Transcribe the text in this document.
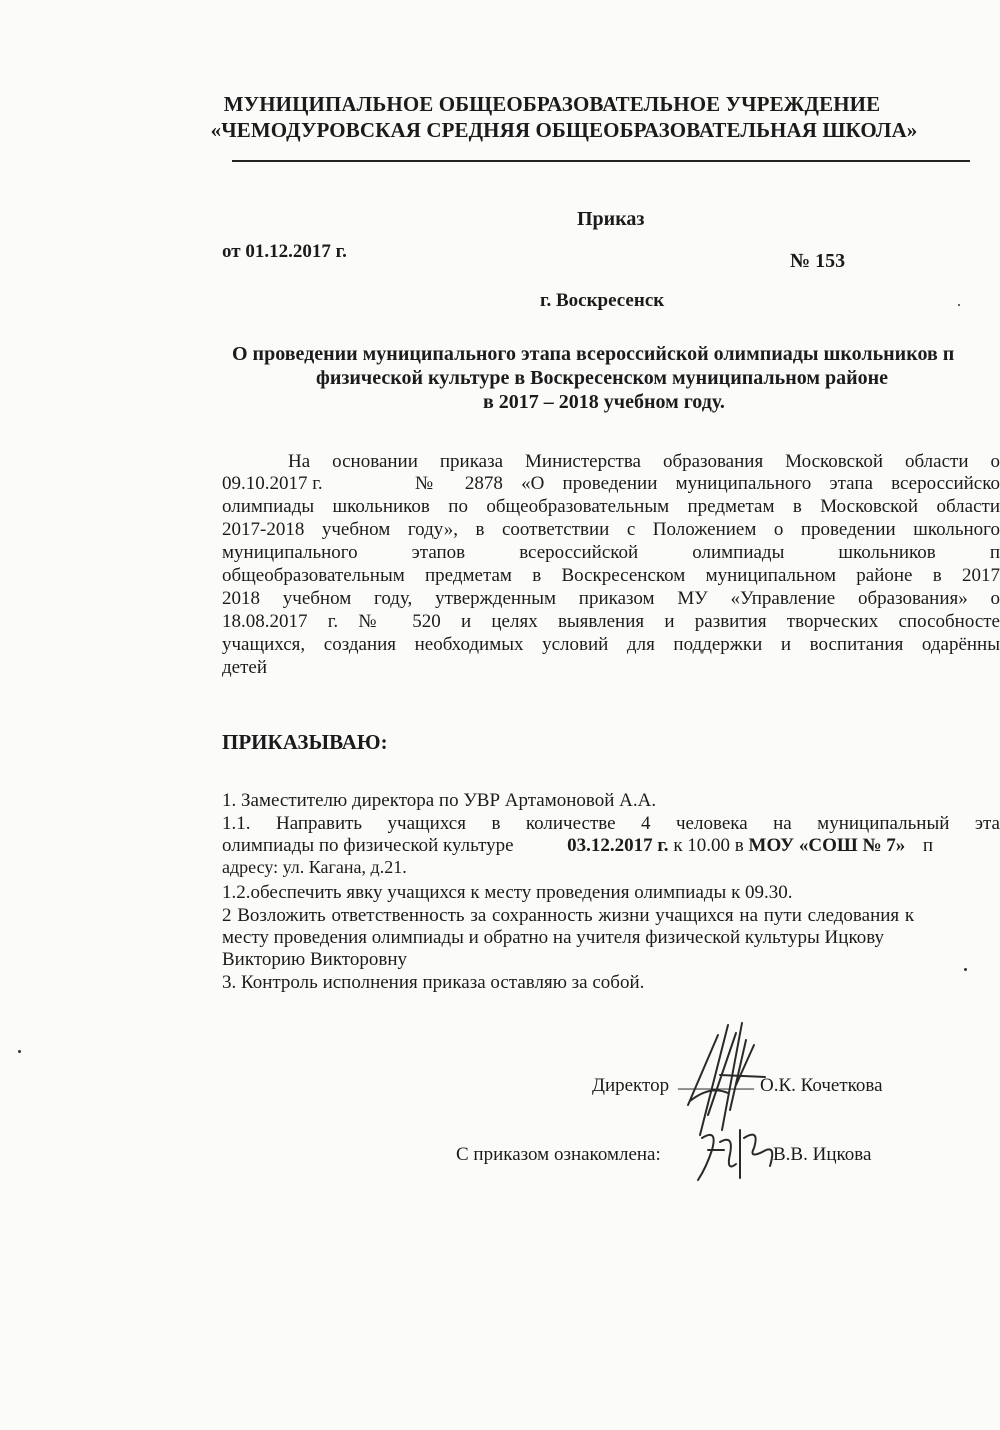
МУНИЦИПАЛЬНОЕ ОБЩЕОБРАЗОВАТЕЛЬНОЕ УЧРЕЖДЕНИЕ
«ЧЕМОДУРОВСКАЯ СРЕДНЯЯ ОБЩЕОБРАЗОВАТЕЛЬНАЯ ШКОЛА»
Приказ
от 01.12.2017 г.	№ 153
г. Воскресенск
О проведении муниципального этапа всероссийской олимпиады школьников п
физической культуре в Воскресенском муниципальном районе
в 2017 – 2018 учебном году.
На основании приказа Министерства образования Московской области о
09.10.2017 г.	№ 2878 «О проведении муниципального этапа всероссийско
олимпиады школьников по общеобразовательным предметам в Московской области
2017-2018 учебном году», в соответствии с Положением о проведении школьного
муниципального этапов всероссийской олимпиады школьников п
общеобразовательным предметам в Воскресенском муниципальном районе в 2017
2018 учебном году, утвержденным приказом МУ «Управление образования» о
18.08.2017 г. № 520 и целях выявления и развития творческих способносте
учащихся, создания необходимых условий для поддержки и воспитания одарённы
детей
ПРИКАЗЫВАЮ:
1. Заместителю директора по УВР Артамоновой А.А.
1.1. Направить учащихся в количестве 4 человека на муниципальный эта
олимпиады по физической культуре	03.12.2017 г. к 10.00 в МОУ «СОШ № 7» п
адресу: ул. Кагана, д.21.
1.2.обеспечить явку учащихся к месту проведения олимпиады к 09.30.
2 Возложить ответственность за сохранность жизни учащихся на пути следования к
месту проведения олимпиады и обратно на учителя физической культуры Ицкову
Викторию Викторовну
3. Контроль исполнения приказа оставляю за собой.
Директор ________ О.К. Кочеткова
С приказом ознакомлена:	В.В. Ицкова
